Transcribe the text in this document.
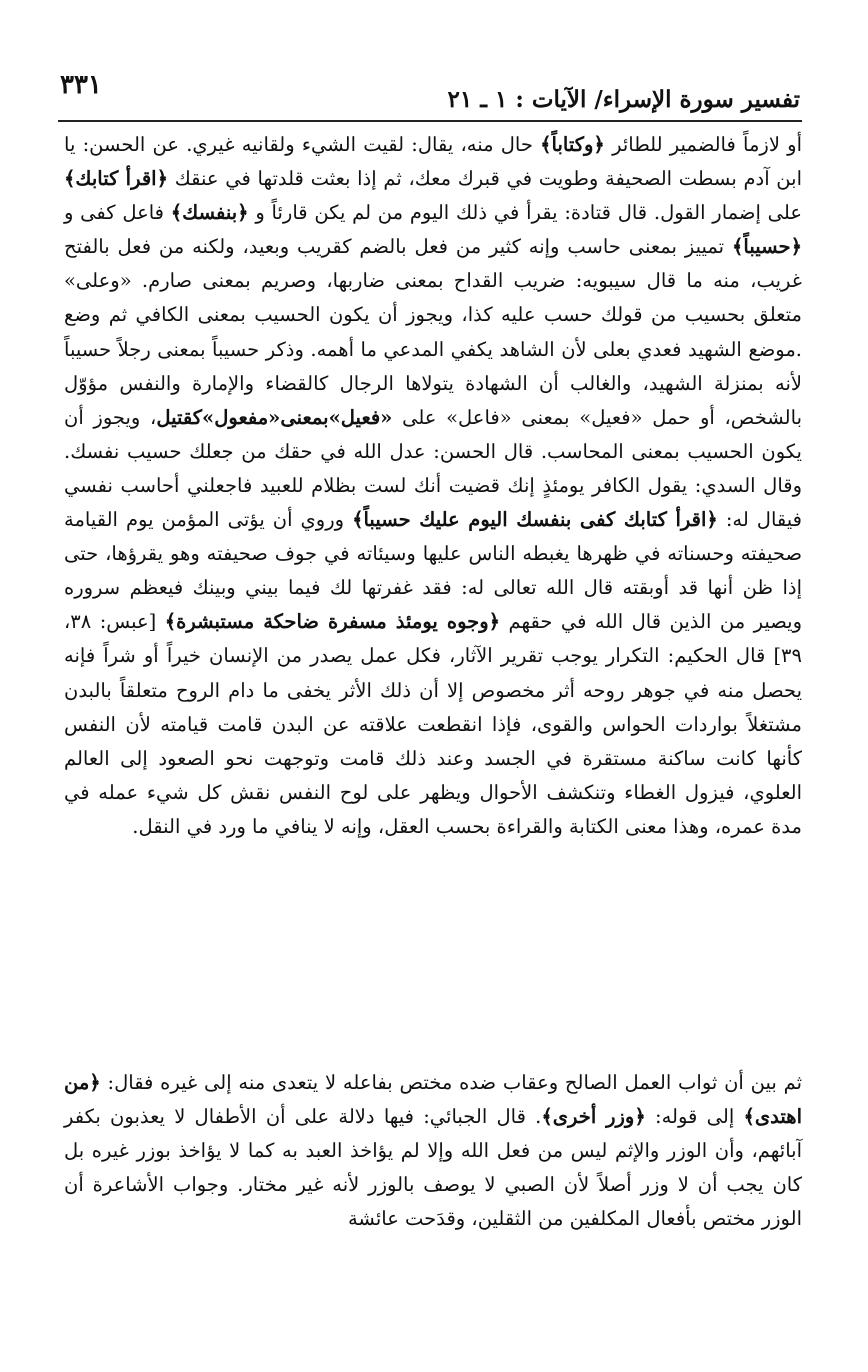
تفسير سورة الإسراء/ الآيات : ١ ـ ٢١
٣٣١

أو لازماً فالضمير للطائر ﴿وكتاباً﴾ حال منه، يقال: لقيت الشيء ولقانيه غيري. عن الحسن: يا ابن آدم بسطت الصحيفة وطويت في قبرك معك، ثم إذا بعثت قلدتها في عنقك ﴿اقرأ كتابك﴾ على إضمار القول. قال قتادة: يقرأ في ذلك اليوم من لم يكن قارئاً و ﴿بنفسك﴾ فاعل كفى و ﴿حسيباً﴾ تمييز بمعنى حاسب وإنه كثير من فعل بالضم كقريب وبعيد، ولكنه من فعل بالفتح غريب، منه ما قال سيبويه: ضريب القداح بمعنى ضاربها، وصريم بمعنى صارم. «وعلى» متعلق بحسيب من قولك حسب عليه كذا، ويجوز أن يكون الحسيب بمعنى الكافي ثم وضع .موضع الشهيد فعدي بعلى لأن الشاهد يكفي المدعي ما أهمه. وذكر حسيباً بمعنى رجلاً حسيباً لأنه بمنزلة الشهيد، والغالب أن الشهادة يتولاها الرجال كالقضاء والإمارة والنفس مؤوّل بالشخص، أو حمل «فعيل» بمعنى «فاعل» على «فعيل»بمعنى«مفعول»كقتيل، ويجوز أن يكون الحسيب بمعنى المحاسب. قال الحسن: عدل الله في حقك من جعلك حسيب نفسك. وقال السدي: يقول الكافر يومئذٍ إنك قضيت أنك لست بظلام للعبيد فاجعلني أحاسب نفسي فيقال له: ﴿اقرأ كتابك كفى بنفسك اليوم عليك حسيباً﴾ وروي أن يؤتى المؤمن يوم القيامة صحيفته وحسناته في ظهرها يغبطه الناس عليها وسيئاته في جوف صحيفته وهو يقرؤها، حتى إذا ظن أنها قد أوبقته قال الله تعالى له: فقد غفرتها لك فيما بيني وبينك فيعظم سروره ويصير من الذين قال الله في حقهم ﴿وجوه يومئذ مسفرة ضاحكة مستبشرة﴾ [عبس: ٣٨، ٣٩] قال الحكيم: التكرار يوجب تقرير الآثار، فكل عمل يصدر من الإنسان خيراً أو شراً فإنه يحصل منه في جوهر روحه أثر مخصوص إلا أن ذلك الأثر يخفى ما دام الروح متعلقاً بالبدن مشتغلاً بواردات الحواس والقوى، فإذا انقطعت علاقته عن البدن قامت قيامته لأن النفس كأنها كانت ساكنة مستقرة في الجسد وعند ذلك قامت وتوجهت نحو الصعود إلى العالم العلوي، فيزول الغطاء وتنكشف الأحوال ويظهر على لوح النفس نقش كل شيء عمله في مدة عمره، وهذا معنى الكتابة والقراءة بحسب العقل، وإنه لا ينافي ما ورد في النقل.

ثم بين أن ثواب العمل الصالح وعقاب ضده مختص بفاعله لا يتعدى منه إلى غيره فقال: ﴿من اهتدى﴾ إلى قوله: ﴿وزر أخرى﴾. قال الجبائي: فيها دلالة على أن الأطفال لا يعذبون بكفر آبائهم، وأن الوزر والإثم ليس من فعل الله وإلا لم يؤاخذ العبد به كما لا يؤاخذ بوزر غيره بل كان يجب أن لا وزر أصلاً لأن الصبي لا يوصف بالوزر لأنه غير مختار. وجواب الأشاعرة أن الوزر مختص بأفعال المكلفين من الثقلين، وقدَحت عائشة
